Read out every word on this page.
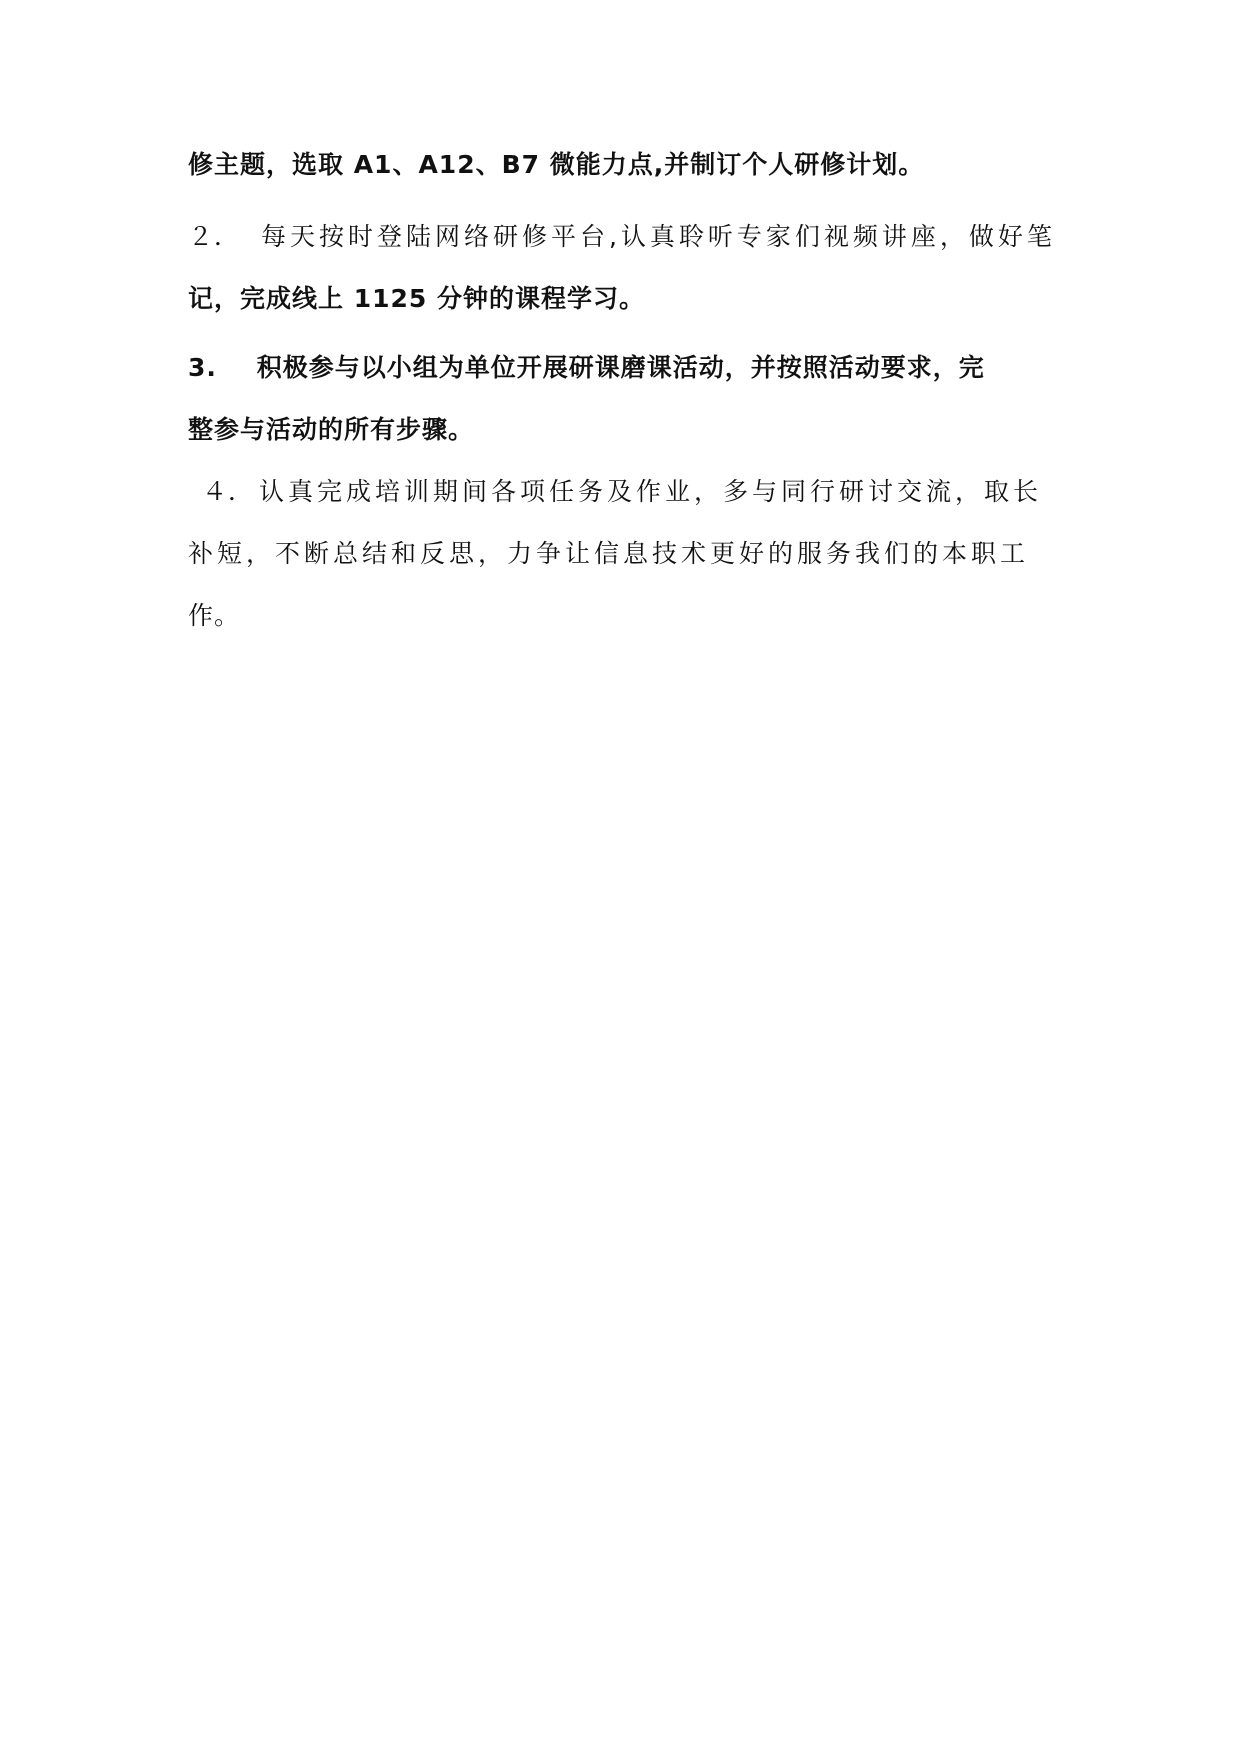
修主题，选取 A1、A12、B7 微能力点,并制订个人研修计划。
２． 每天按时登陆网络研修平台,认真聆听专家们视频讲座，做好笔
记，完成线上 1125 分钟的课程学习。
3. 积极参与以小组为单位开展研课磨课活动，并按照活动要求，完
整参与活动的所有步骤。
４． 认真完成培训期间各项任务及作业，多与同行研讨交流，取长
补短，不断总结和反思，力争让信息技术更好的服务我们的本职工
作。
